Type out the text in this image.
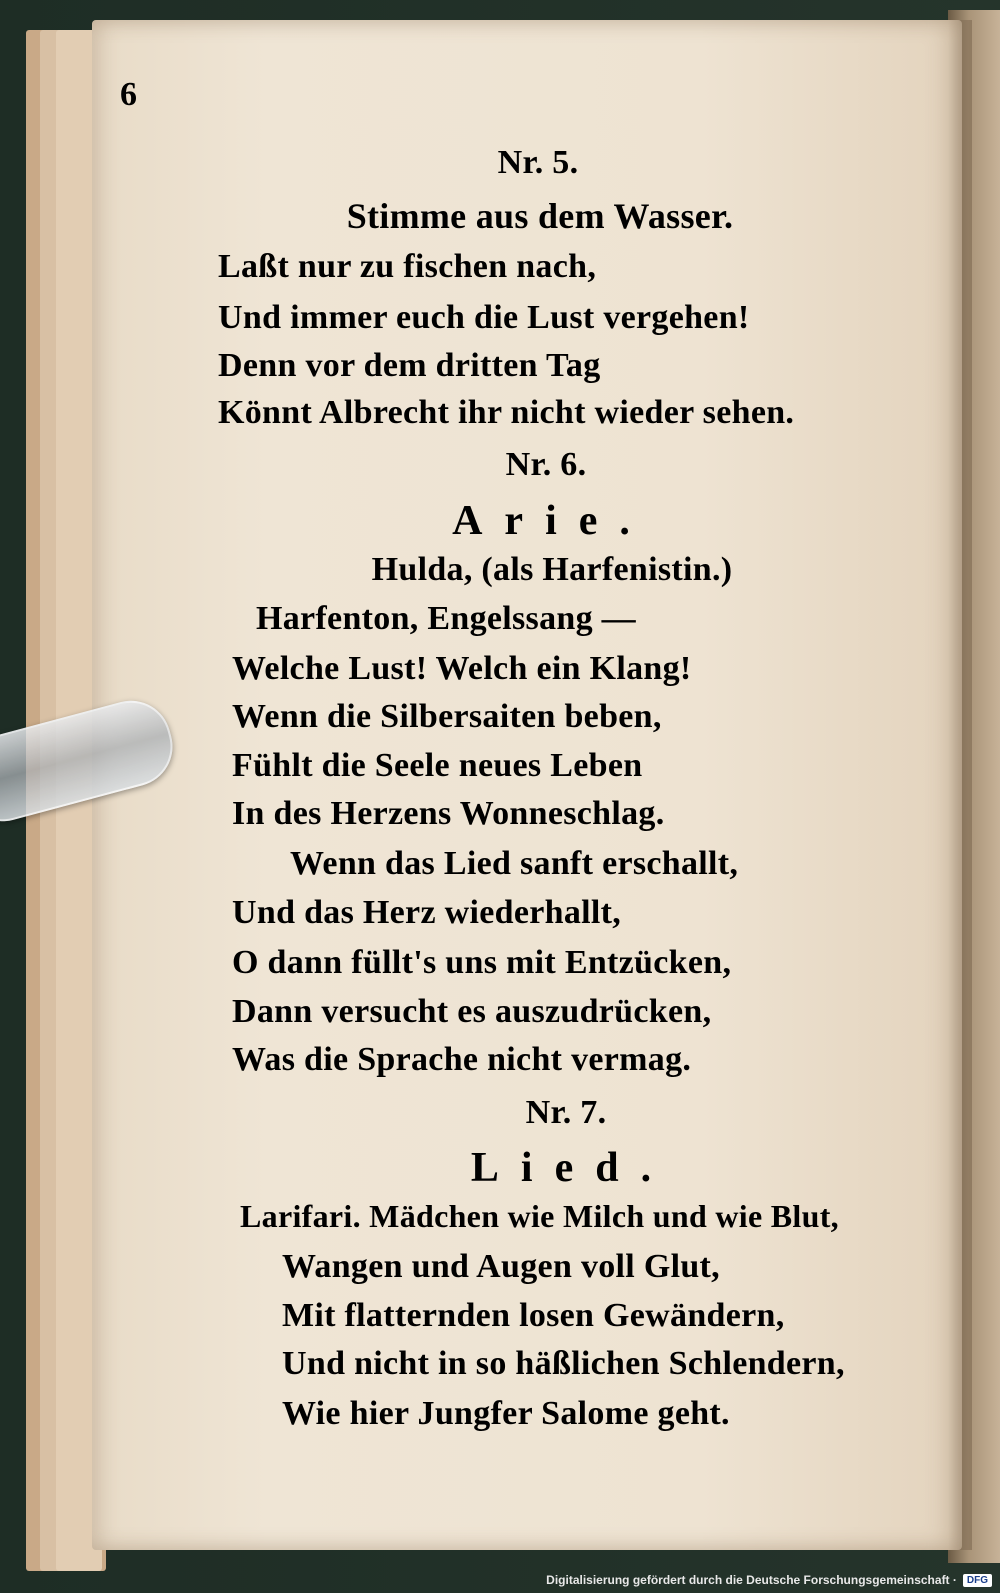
6
Nr. 5.
Stimme aus dem Wasser.
Laßt nur zu fischen nach,
Und immer euch die Lust vergehen!
Denn vor dem dritten Tag
Könnt Albrecht ihr nicht wieder sehen.
Nr. 6.
Arie.
Hulda, (als Harfenistin.)
Harfenton, Engelssang —
Welche Lust! Welch ein Klang!
Wenn die Silbersaiten beben,
Fühlt die Seele neues Leben
In des Herzens Wonneschlag.
Wenn das Lied sanft erschallt,
Und das Herz wiederhallt,
O dann füllt's uns mit Entzücken,
Dann versucht es auszudrücken,
Was die Sprache nicht vermag.
Nr. 7.
Lied.
Larifari. Mädchen wie Milch und wie Blut,
Wangen und Augen voll Glut,
Mit flatternden losen Gewändern,
Und nicht in so häßlichen Schlendern,
Wie hier Jungfer Salome geht.
Digitalisierung gefördert durch die Deutsche Forschungsgemeinschaft ·	DFG
